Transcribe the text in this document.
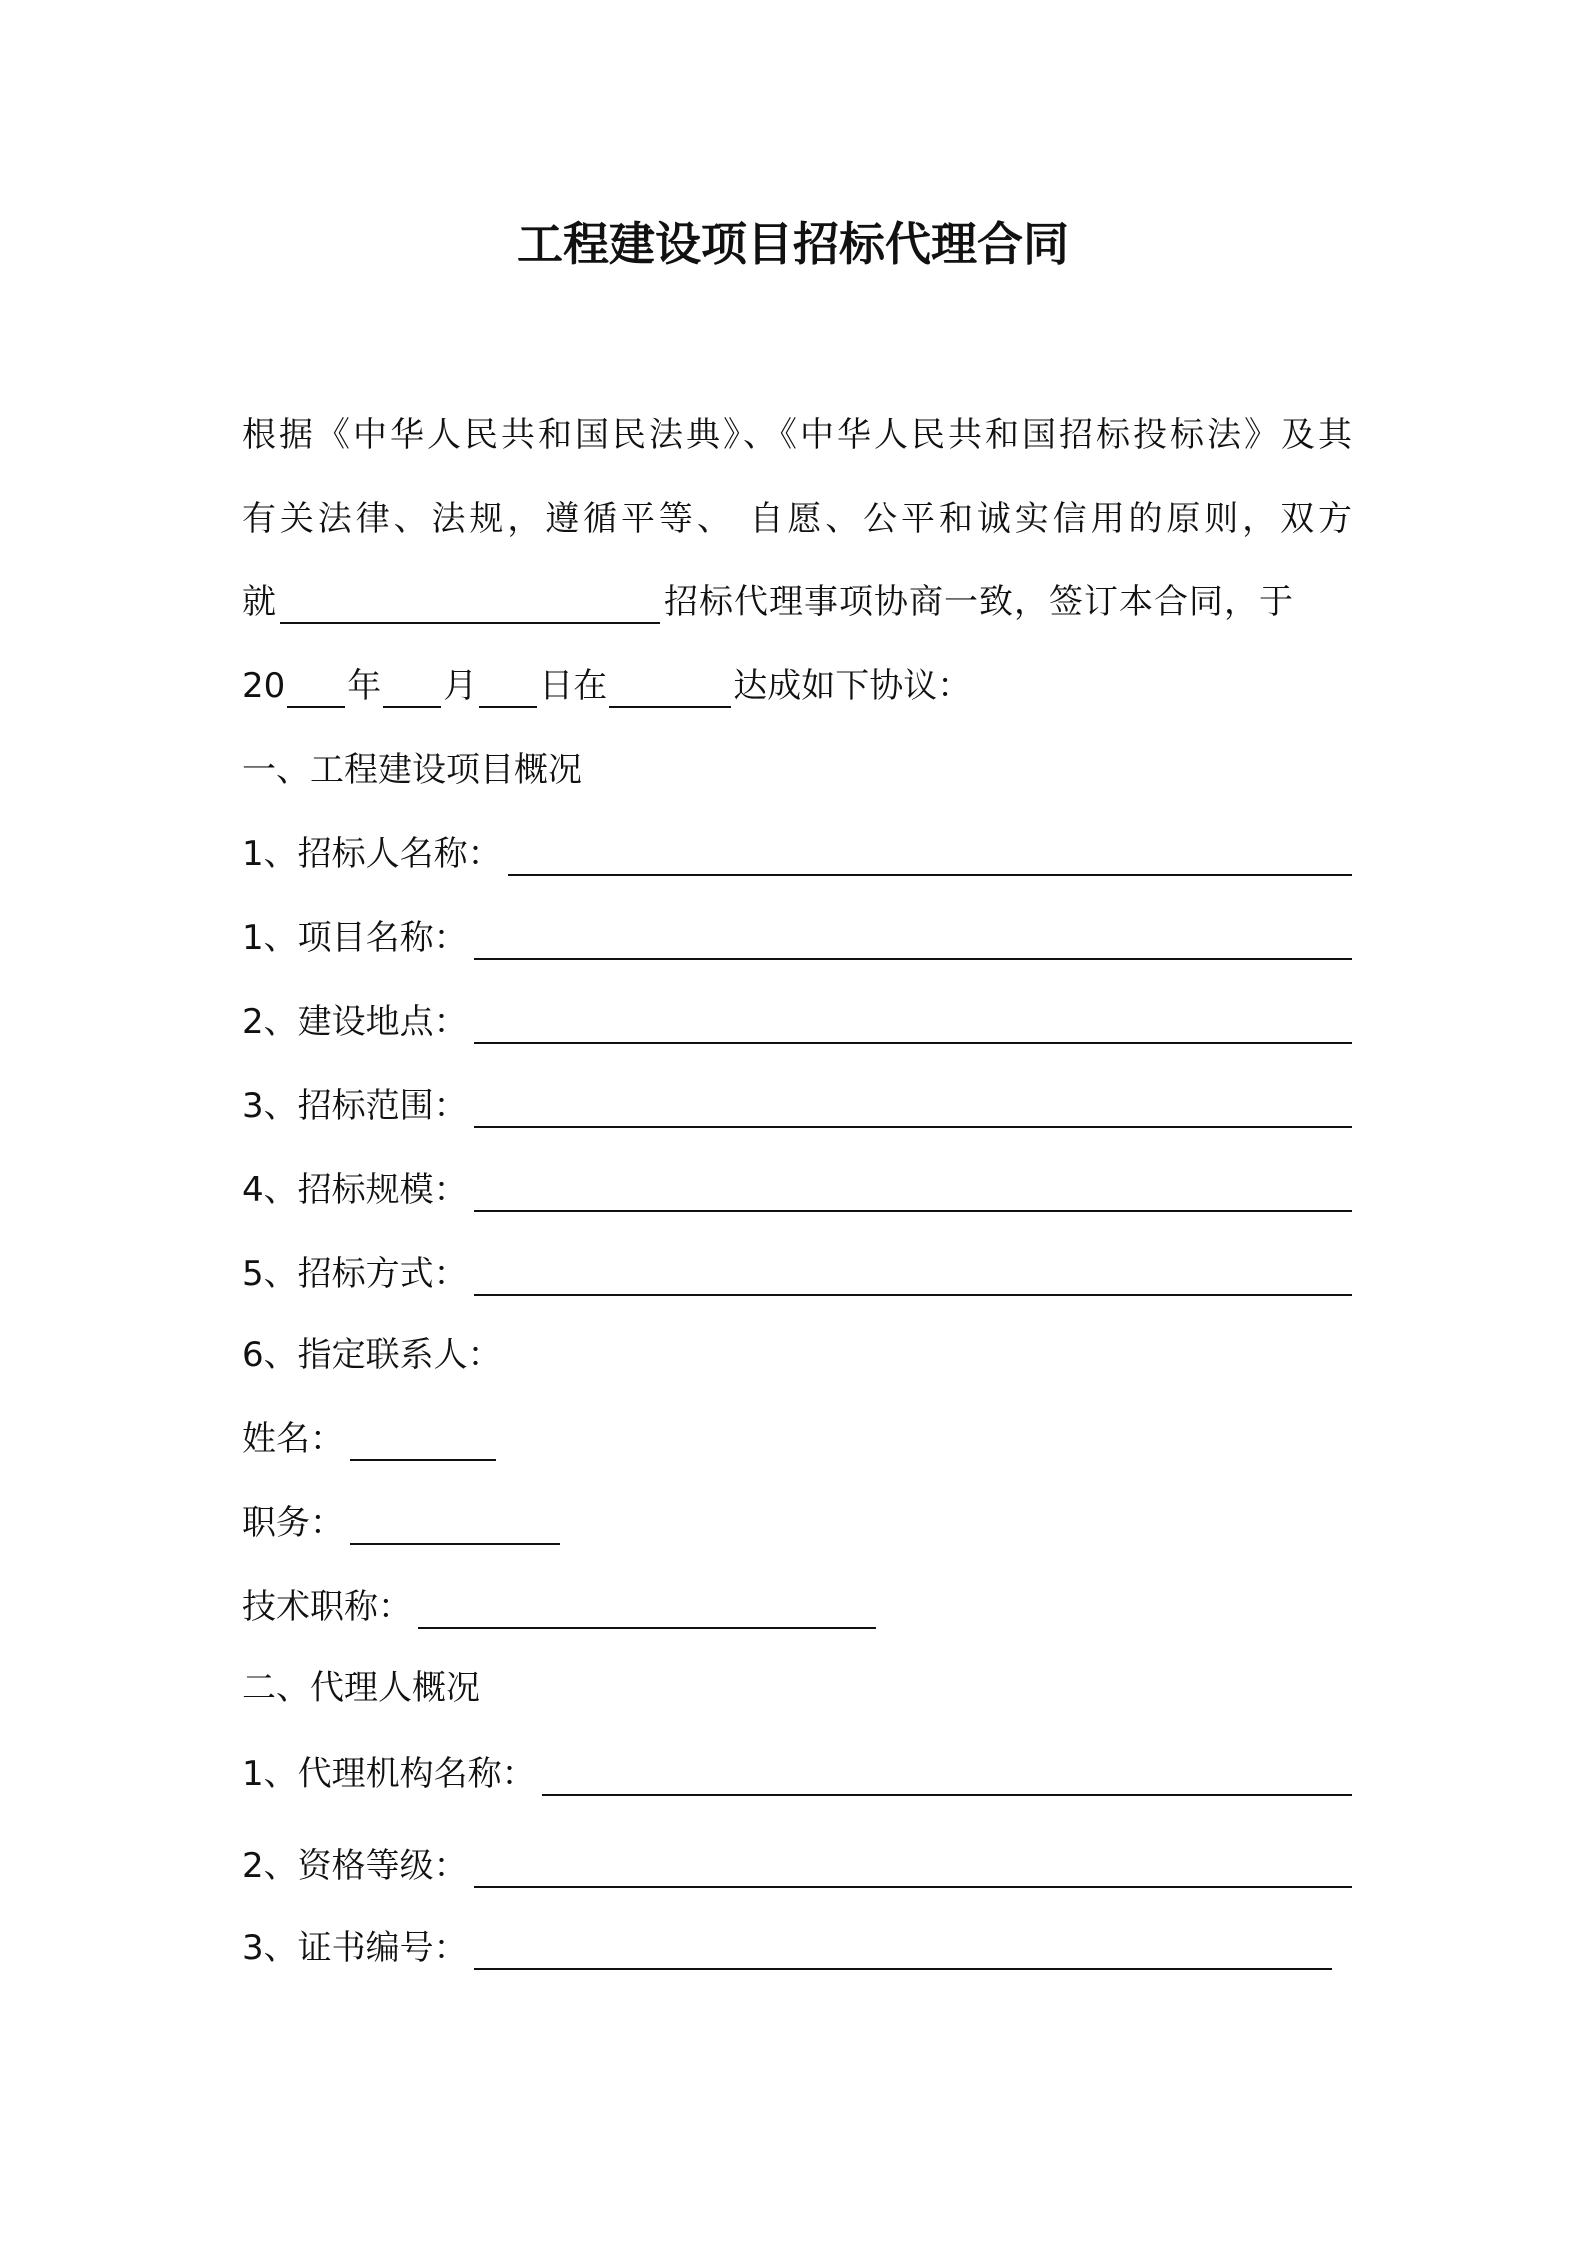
工程建设项目招标代理合同
根据《中华人民共和国民法典》、《中华人民共和国招标投标法》及其
有关法律、法规，遵循平等、 自愿、公平和诚实信用的原则，双方
就	招标代理事项协商一致，签订本合同，于
20 年 月 日在	达成如下协议：
一、工程建设项目概况
1、招标人名称：
1、项目名称：
2、建设地点：
3、招标范围：
4、招标规模：
5、招标方式：
6、指定联系人：
姓名：
职务：
技术职称：
二、代理人概况
1、代理机构名称：
2、资格等级：
3、证书编号：
